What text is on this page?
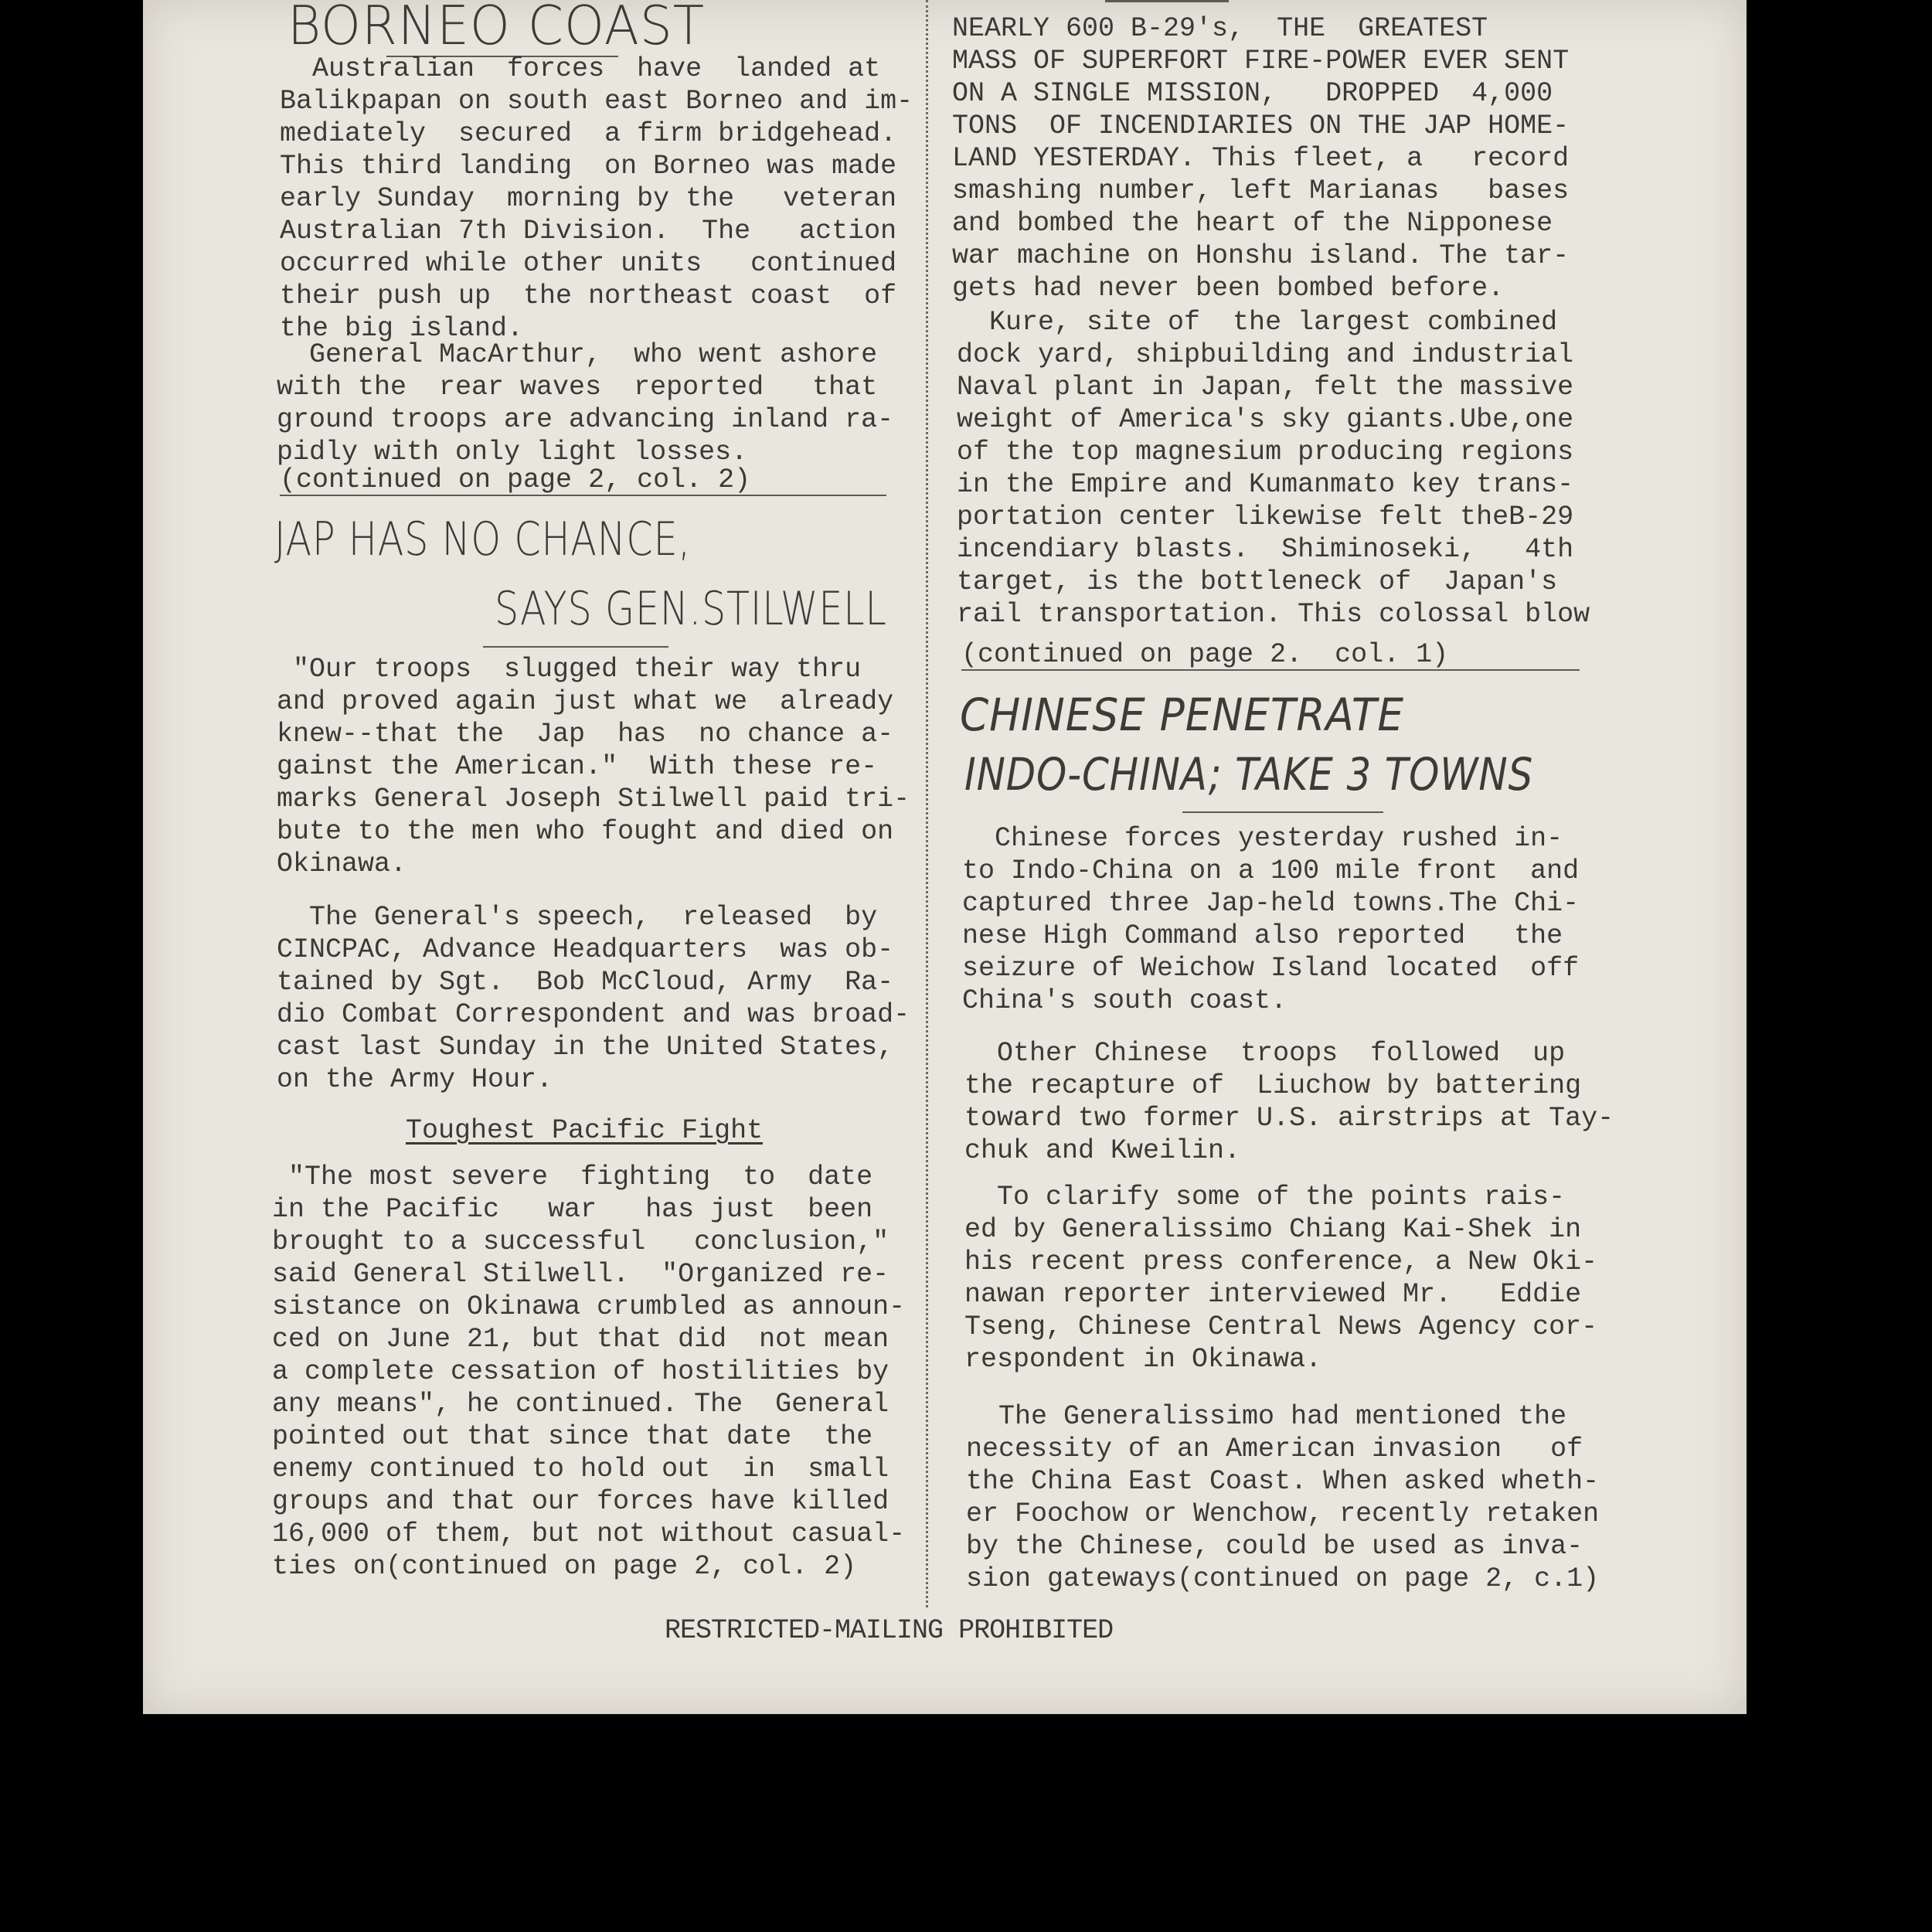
BORNEO COAST

Australian  forces  have  landed at
Balikpapan on south east Borneo and im-
mediately  secured  a firm bridgehead.
This third landing  on Borneo was made
early Sunday  morning by the   veteran
Australian 7th Division.  The   action
occurred while other units   continued
their push up  the northeast coast  of
the big island.

General MacArthur,  who went ashore
with the  rear waves  reported   that
ground troops are advancing inland ra-
pidly with only light losses.

(continued on page 2, col. 2)

JAP HAS NO CHANCE,
SAYS GEN.STILWELL

"Our troops  slugged their way thru
and proved again just what we  already
knew--that the  Jap  has  no chance a-
gainst the American."  With these re-
marks General Joseph Stilwell paid tri-
bute to the men who fought and died on
Okinawa.

The General's speech,  released  by
CINCPAC, Advance Headquarters  was ob-
tained by Sgt.  Bob McCloud, Army  Ra-
dio Combat Correspondent and was broad-
cast last Sunday in the United States,
on the Army Hour.

Toughest Pacific Fight

"The most severe  fighting  to  date
in the Pacific   war   has just  been
brought to a successful   conclusion,"
said General Stilwell.  "Organized re-
sistance on Okinawa crumbled as announ-
ced on June 21, but that did  not mean
a complete cessation of hostilities by
any means", he continued. The  General
pointed out that since that date  the
enemy continued to hold out  in  small
groups and that our forces have killed
16,000 of them, but not without casual-
ties on(continued on page 2, col. 2)

NEARLY 600 B-29's,  THE  GREATEST
MASS OF SUPERFORT FIRE-POWER EVER SENT
ON A SINGLE MISSION,   DROPPED  4,000
TONS  OF INCENDIARIES ON THE JAP HOME-
LAND YESTERDAY. This fleet, a   record
smashing number, left Marianas   bases
and bombed the heart of the Nipponese
war machine on Honshu island. The tar-
gets had never been bombed before.

Kure, site of  the largest combined
dock yard, shipbuilding and industrial
Naval plant in Japan, felt the massive
weight of America's sky giants.Ube,one
of the top magnesium producing regions
in the Empire and Kumanmato key trans-
portation center likewise felt theB-29
incendiary blasts.  Shiminoseki,   4th
target, is the bottleneck of  Japan's
rail transportation. This colossal blow

(continued on page 2.  col. 1)

CHINESE PENETRATE
INDO-CHINA; TAKE 3 TOWNS

Chinese forces yesterday rushed in-
to Indo-China on a 100 mile front  and
captured three Jap-held towns.The Chi-
nese High Command also reported   the
seizure of Weichow Island located  off
China's south coast.

Other Chinese  troops  followed  up
the recapture of  Liuchow by battering
toward two former U.S. airstrips at Tay-
chuk and Kweilin.

To clarify some of the points rais-
ed by Generalissimo Chiang Kai-Shek in
his recent press conference, a New Oki-
nawan reporter interviewed Mr.   Eddie
Tseng, Chinese Central News Agency cor-
respondent in Okinawa.

The Generalissimo had mentioned the
necessity of an American invasion   of
the China East Coast. When asked wheth-
er Foochow or Wenchow, recently retaken
by the Chinese, could be used as inva-
sion gateways(continued on page 2, c.1)

RESTRICTED-MAILING PROHIBITED
